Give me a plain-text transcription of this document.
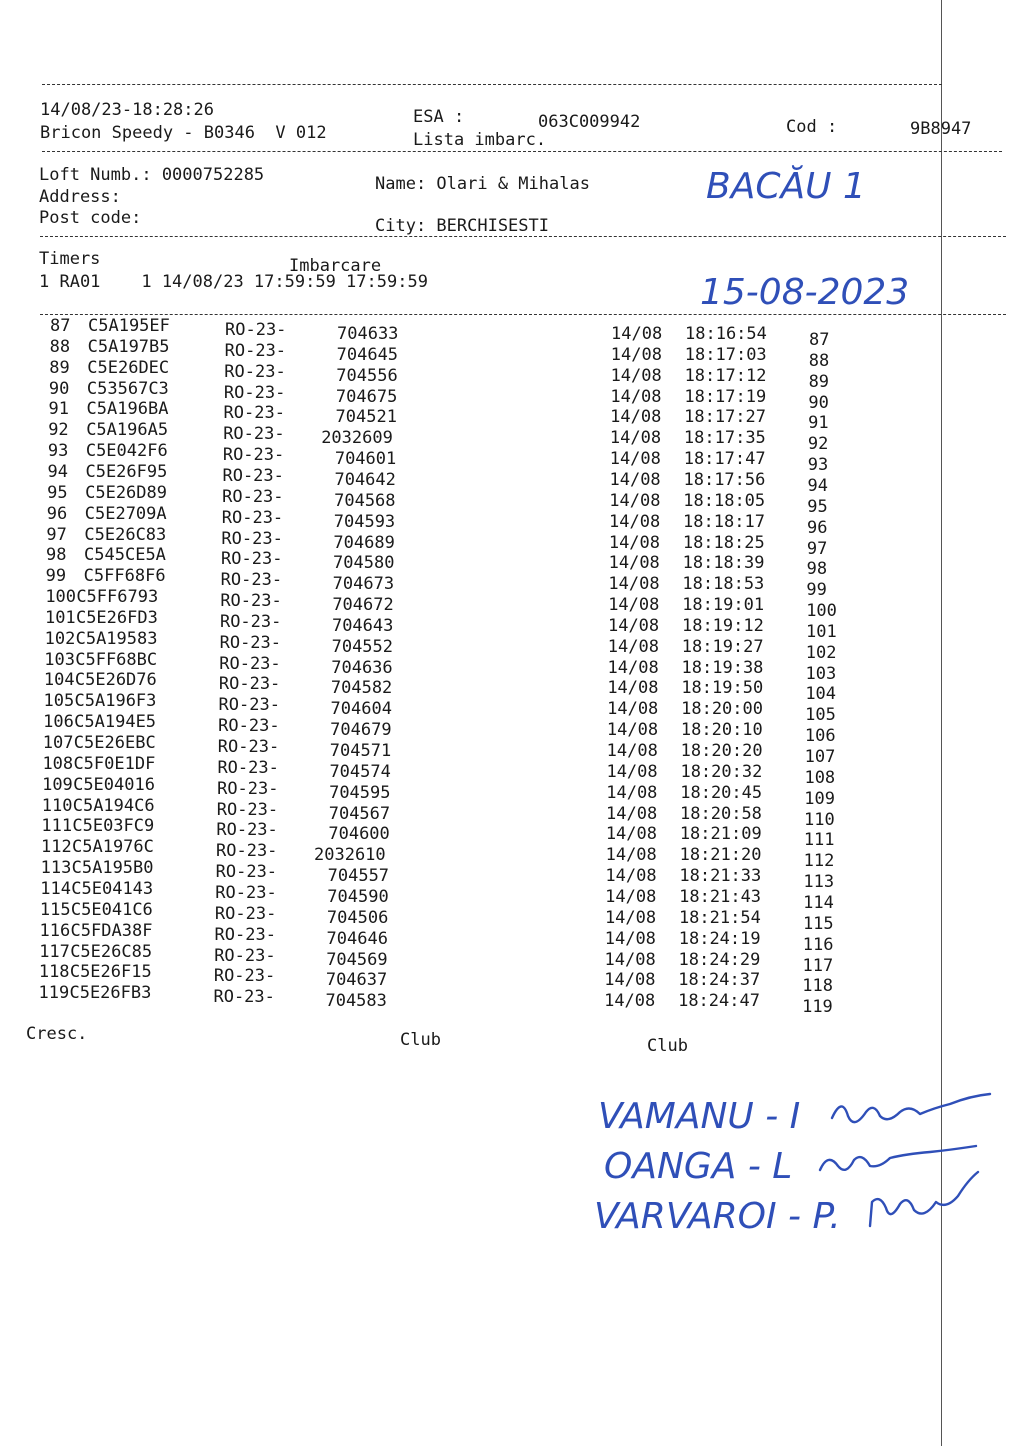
14/08/23-18:28:26	ESA :	063C009942	Cod :	9B8947
Bricon Speedy - B0346  V 012	Lista imbarc.
Loft Numb.: 0000752285	Name: Olari & Mihalas
Address:
Post code:	City: BERCHISESTI
Timers	Imbarcare
1 RA01    1 14/08/23 17:59:59 17:59:59
BACĂU 1
15-08-2023
87 C5A195EF	RO-23-	704633	14/08 18:16:54 87
88 C5A197B5	RO-23-	704645	14/08 18:17:03 88
89 C5E26DEC	RO-23-	704556	14/08 18:17:12 89
90 C53567C3	RO-23-	704675	14/08 18:17:19 90
91 C5A196BA	RO-23-	704521	14/08 18:17:27 91
92 C5A196A5	RO-23- 2032609	14/08 18:17:35 92
93 C5E042F6	RO-23-	704601	14/08 18:17:47 93
94 C5E26F95	RO-23-	704642	14/08 18:17:56 94
95 C5E26D89	RO-23-	704568	14/08 18:18:05 95
96 C5E2709A	RO-23-	704593	14/08 18:18:17 96
97 C5E26C83	RO-23-	704689	14/08 18:18:25 97
98 C545CE5A	RO-23-	704580	14/08 18:18:39 98
99 C5FF68F6	RO-23-	704673	14/08 18:18:53 99
100 C5FF6793	RO-23-	704672	14/08 18:19:01 100
101 C5E26FD3	RO-23-	704643	14/08 18:19:12 101
102 C5A19583	RO-23-	704552	14/08 18:19:27 102
103 C5FF68BC	RO-23-	704636	14/08 18:19:38 103
104 C5E26D76	RO-23-	704582	14/08 18:19:50 104
105 C5A196F3	RO-23-	704604	14/08 18:20:00 105
106 C5A194E5	RO-23-	704679	14/08 18:20:10 106
107 C5E26EBC	RO-23-	704571	14/08 18:20:20 107
108 C5F0E1DF	RO-23-	704574	14/08 18:20:32 108
109 C5E04016	RO-23-	704595	14/08 18:20:45 109
110 C5A194C6	RO-23-	704567	14/08 18:20:58 110
111 C5E03FC9	RO-23-	704600	14/08 18:21:09 111
112 C5A1976C	RO-23- 2032610	14/08 18:21:20 112
113 C5A195B0	RO-23-	704557	14/08 18:21:33 113
114 C5E04143	RO-23-	704590	14/08 18:21:43 114
115 C5E041C6	RO-23-	704506	14/08 18:21:54 115
116 C5FDA38F	RO-23-	704646	14/08 18:24:19 116
117 C5E26C85	RO-23-	704569	14/08 18:24:29 117
118 C5E26F15	RO-23-	704637	14/08 18:24:37 118
119 C5E26FB3	RO-23-	704583	14/08 18:24:47 119
Cresc.	Club	Club
VAMANU - I
OANGA - L
VARVAROI - P.
